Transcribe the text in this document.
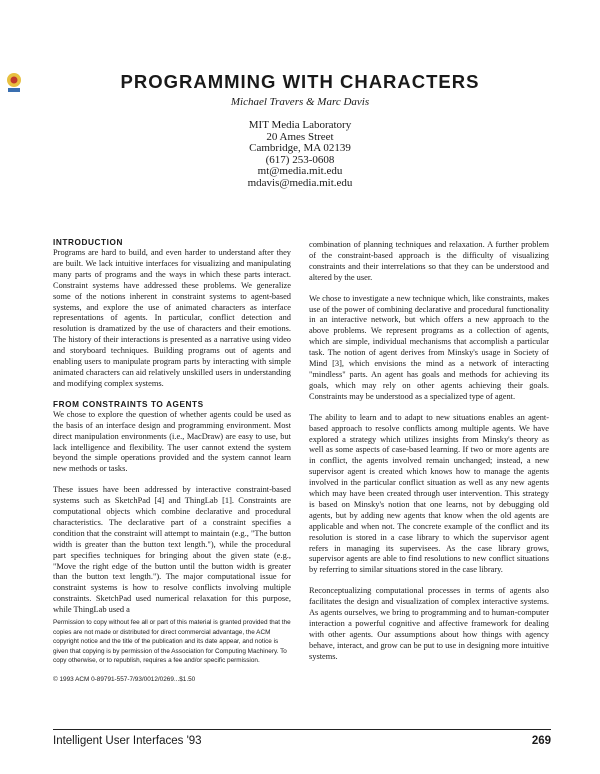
PROGRAMMING WITH CHARACTERS
Michael Travers & Marc Davis
MIT Media Laboratory
20 Ames Street
Cambridge, MA 02139
(617) 253-0608
mt@media.mit.edu
mdavis@media.mit.edu
INTRODUCTION

Programs are hard to build, and even harder to understand after they are built. We lack intuitive interfaces for visualizing and manipulating many parts of programs and the ways in which these parts interact. Constraint systems have addressed these problems. We generalize some of the notions inherent in constraint systems to agent-based systems, and explore the use of animated characters as interface representations of agents. In particular, conflict detection and resolution is dramatized by the use of characters and their emotions. The history of their interactions is presented as a narrative using video and storyboard techniques. Building programs out of agents and enabling users to manipulate program parts by interacting with simple animated characters can aid relatively unskilled users in understanding and modifying complex systems.

FROM CONSTRAINTS TO AGENTS

We chose to explore the question of whether agents could be used as the basis of an interface design and programming environment. Most direct manipulation environments (i.e., MacDraw) are easy to use, but lack intelligence and flexibility. The user cannot extend the system beyond the simple operations provided and the system cannot learn new methods or tasks.

These issues have been addressed by interactive constraint-based systems such as SketchPad [4] and ThingLab [1]. Constraints are computational objects which combine declarative and procedural characteristics. The declarative part of a constraint specifies a condition that the constraint will attempt to maintain (e.g., "The button width is greater than the button text length."), while the procedural part specifies techniques for bringing about the given state (e.g., "Move the right edge of the button until the button width is greater than the button text length."). The major computational issue for constraint systems is how to resolve conflicts involving multiple constraints. SketchPad used numerical relaxation for this purpose, while ThingLab used a

Permission to copy without fee all or part of this material is granted provided that the copies are not made or distributed for direct commercial advantage, the ACM copyright notice and the title of the publication and its date appear, and notice is given that copying is by permission of the Association for Computing Machinery. To copy otherwise, or to republish, requires a fee and/or specific permission.
© 1993 ACM 0-89791-557-7/93/0012/0269...$1.50

combination of planning techniques and relaxation. A further problem of the constraint-based approach is the difficulty of visualizing constraints and their interrelations so that they can be understood and altered by the user.

We chose to investigate a new technique which, like constraints, makes use of the power of combining declarative and procedural functionality in an interactive network, but which offers a new approach to the above problems. We represent programs as a collection of agents, which are simple, individual mechanisms that accomplish a particular task. The notion of agent derives from Minsky's usage in Society of Mind [3], which envisions the mind as a network of interacting "mindless" parts. An agent has goals and methods for achieving its goals, which may rely on other agents achieving their goals. Constraints may be understood as a specialized type of agent.

The ability to learn and to adapt to new situations enables an agent-based approach to resolve conflicts among multiple agents. We have explored a strategy which utilizes insights from Minsky's theory as well as some aspects of case-based learning. If two or more agents are in conflict, the agents involved remain unchanged; instead, a new supervisor agent is created which knows how to manage the agents involved in the particular conflict situation as well as any new agents which may have been created through user intervention. This strategy is based on Minsky's notion that one learns, not by debugging old agents, but by adding new agents that know when the old agents are applicable and when not. The concrete example of the conflict and its resolution is stored in a case library to which the supervisor agent refers in managing its supervisees. As the case library grows, supervisor agents are able to find resolutions to new conflict situations by referring to similar situations stored in the case library.

Reconceptualizing computational processes in terms of agents also facilitates the design and visualization of complex interactive systems. As agents ourselves, we bring to programming and to human-computer interaction a powerful cognitive and affective framework for dealing with other agents. Our assumptions about how things with agency behave, interact, and grow can be put to use in designing more intuitive systems.

Intelligent User Interfaces '93	269
